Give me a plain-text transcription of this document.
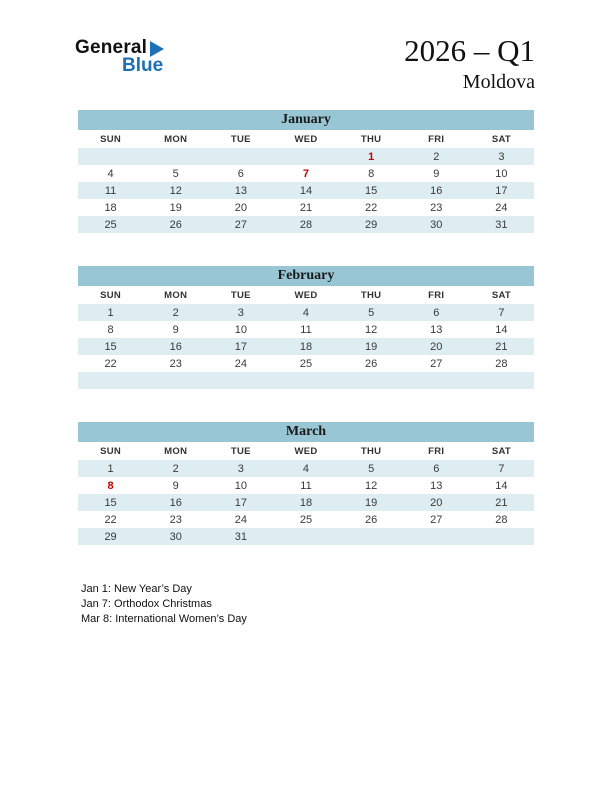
General
Blue	2026 – Q1
Moldova
January						
SUN	MON	TUE	WED	THU	FRI	SAT
				1	2	3
4	5	6	7	8	9	10
11	12	13	14	15	16	17
18	19	20	21	22	23	24
25	26	27	28	29	30	31
February						
SUN	MON	TUE	WED	THU	FRI	SAT
1	2	3	4	5	6	7
8	9	10	11	12	13	14
15	16	17	18	19	20	21
22	23	24	25	26	27	28

March						
SUN	MON	TUE	WED	THU	FRI	SAT
1	2	3	4	5	6	7
8	9	10	11	12	13	14
15	16	17	18	19	20	21
22	23	24	25	26	27	28
29	30	31				
Jan 1: New Year’s Day
Jan 7: Orthodox Christmas
Mar 8: International Women’s Day
